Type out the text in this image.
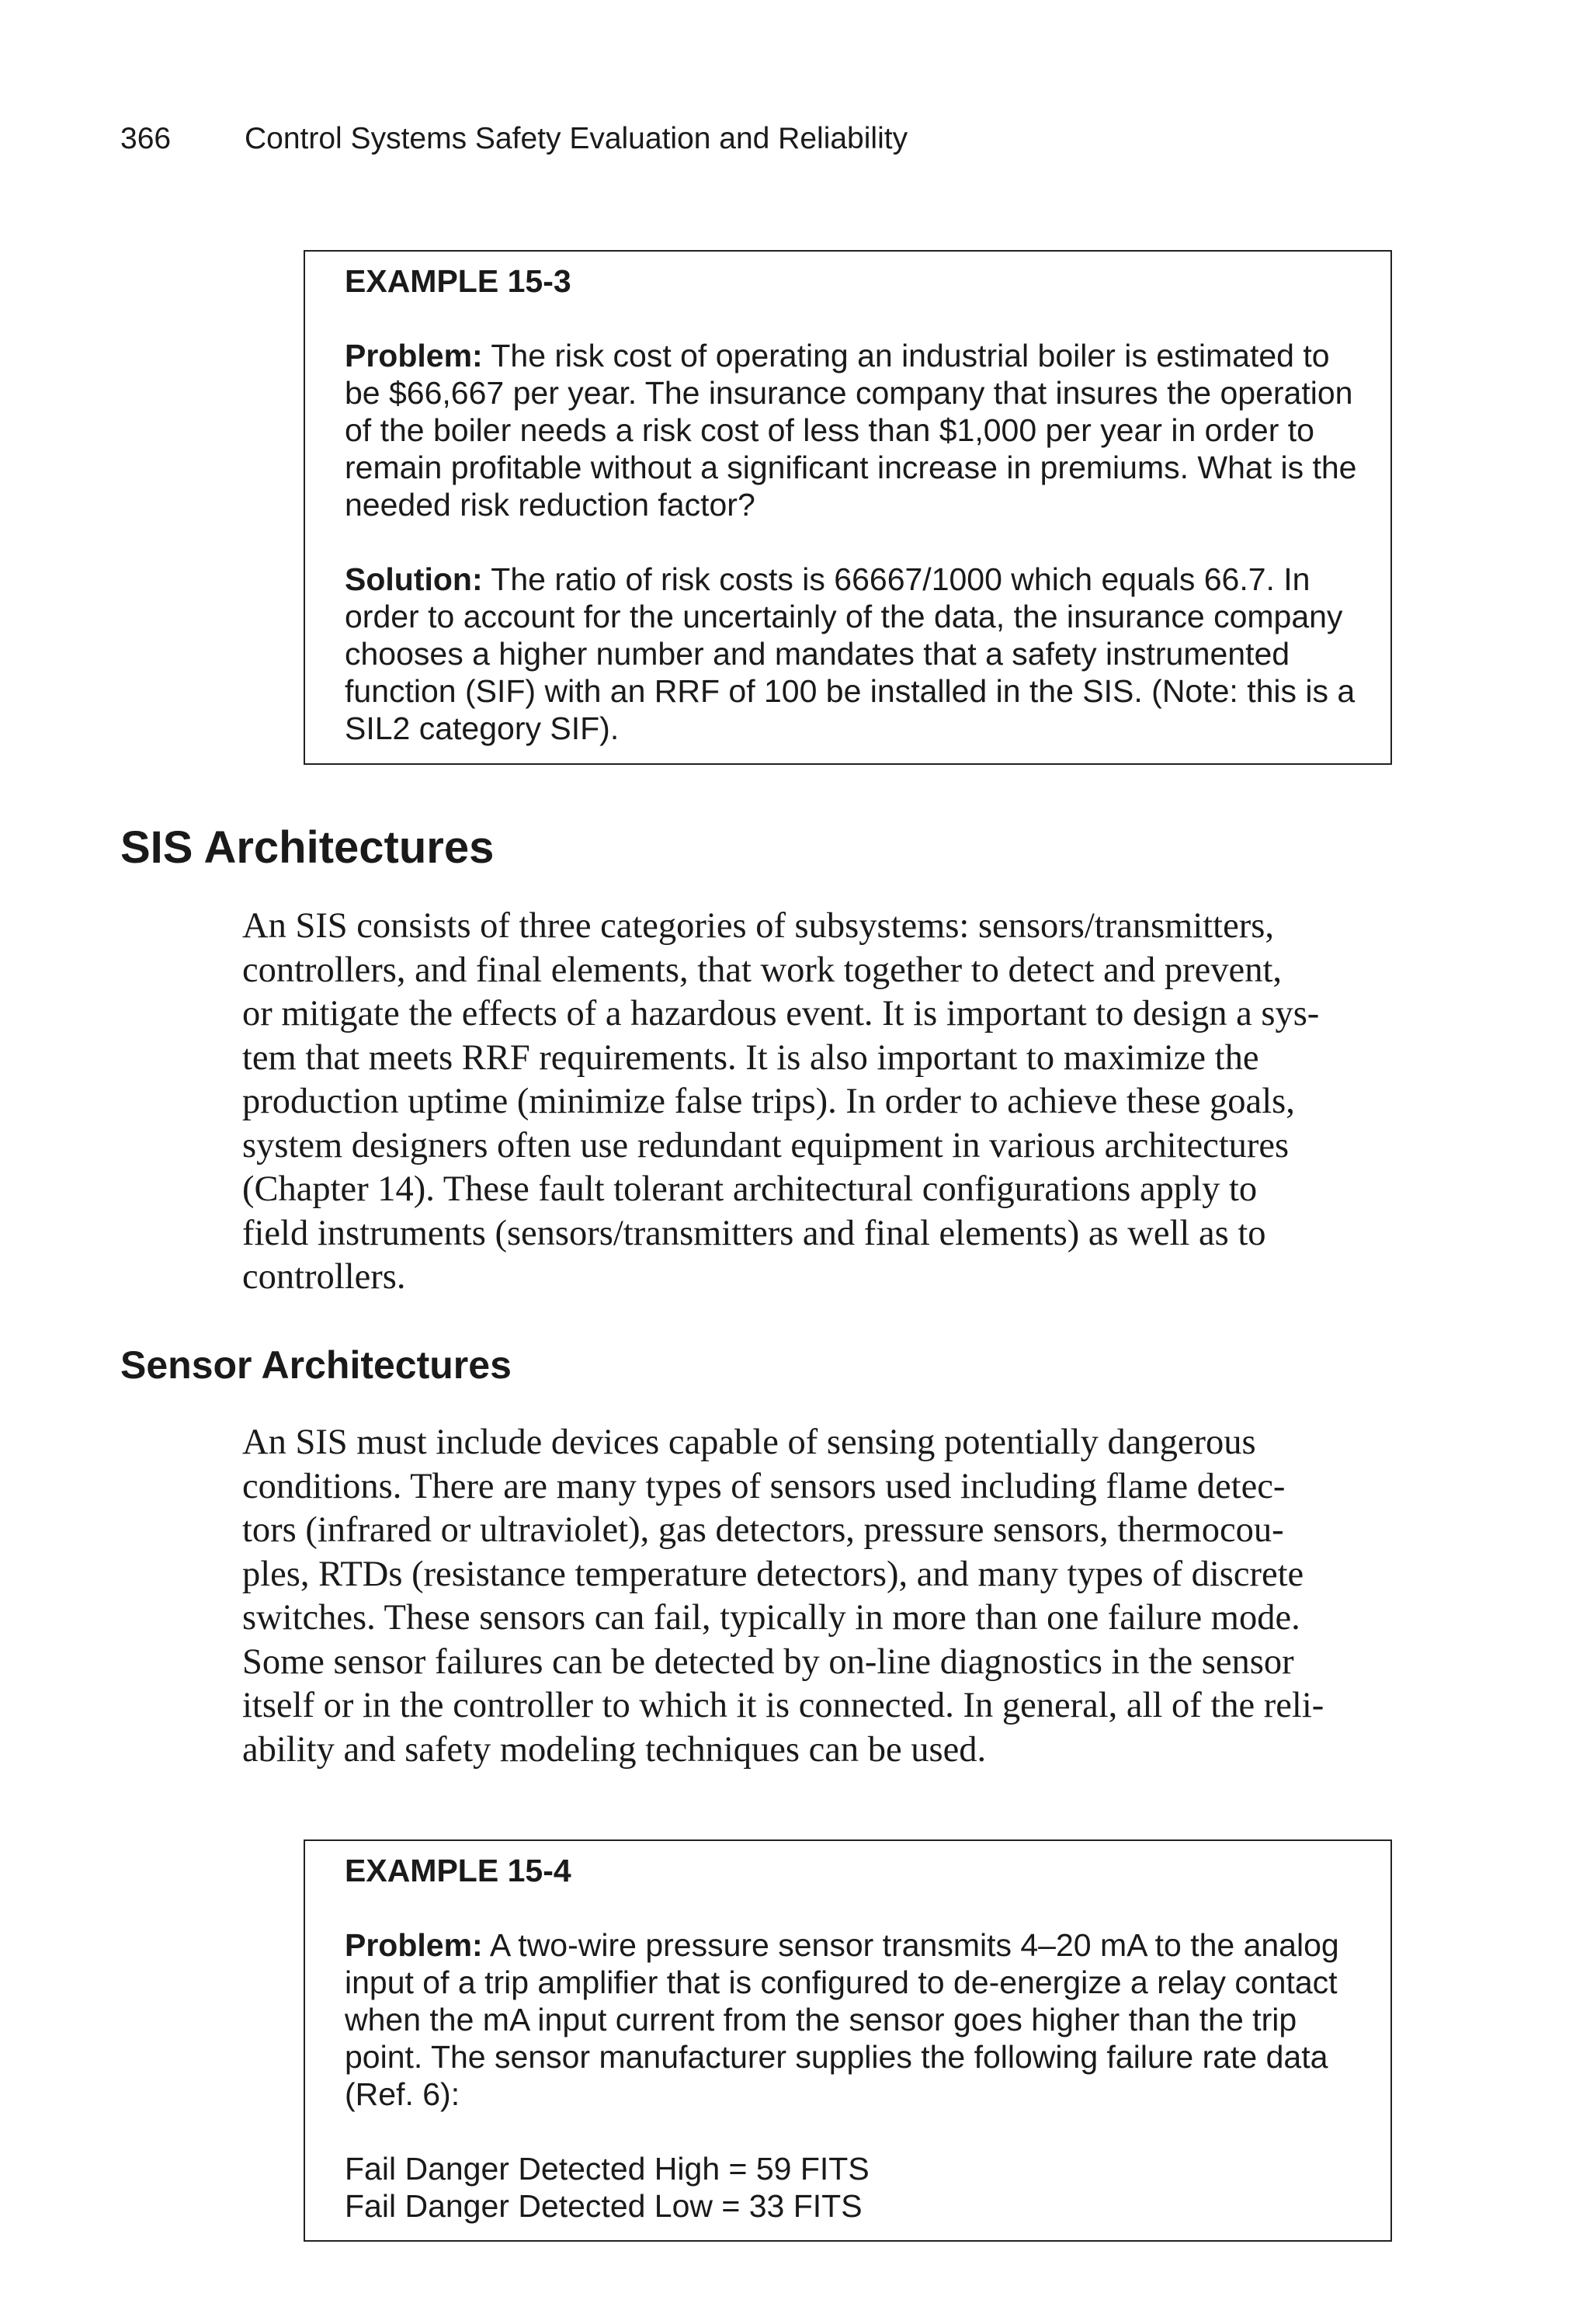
366 Control Systems Safety Evaluation and Reliability
EXAMPLE 15-3

Problem: The risk cost of operating an industrial boiler is estimated to be $66,667 per year. The insurance company that insures the operation of the boiler needs a risk cost of less than $1,000 per year in order to remain profitable without a significant increase in premiums. What is the needed risk reduction factor?

Solution: The ratio of risk costs is 66667/1000 which equals 66.7. In order to account for the uncertainly of the data, the insurance company chooses a higher number and mandates that a safety instrumented function (SIF) with an RRF of 100 be installed in the SIS. (Note: this is a SIL2 category SIF).

SIS Architectures

An SIS consists of three categories of subsystems: sensors/transmitters,
controllers, and final elements, that work together to detect and prevent,
or mitigate the effects of a hazardous event. It is important to design a sys-
tem that meets RRF requirements. It is also important to maximize the
production uptime (minimize false trips). In order to achieve these goals,
system designers often use redundant equipment in various architectures
(Chapter 14). These fault tolerant architectural configurations apply to
field instruments (sensors/transmitters and final elements) as well as to
controllers.

Sensor Architectures

An SIS must include devices capable of sensing potentially dangerous
conditions. There are many types of sensors used including flame detec-
tors (infrared or ultraviolet), gas detectors, pressure sensors, thermocou-
ples, RTDs (resistance temperature detectors), and many types of discrete
switches. These sensors can fail, typically in more than one failure mode.
Some sensor failures can be detected by on-line diagnostics in the sensor
itself or in the controller to which it is connected. In general, all of the reli-
ability and safety modeling techniques can be used.

EXAMPLE 15-4

Problem: A two-wire pressure sensor transmits 4–20 mA to the analog input of a trip amplifier that is configured to de-energize a relay contact when the mA input current from the sensor goes higher than the trip point. The sensor manufacturer supplies the following failure rate data (Ref. 6):

Fail Danger Detected High = 59 FITS
Fail Danger Detected Low = 33 FITS
